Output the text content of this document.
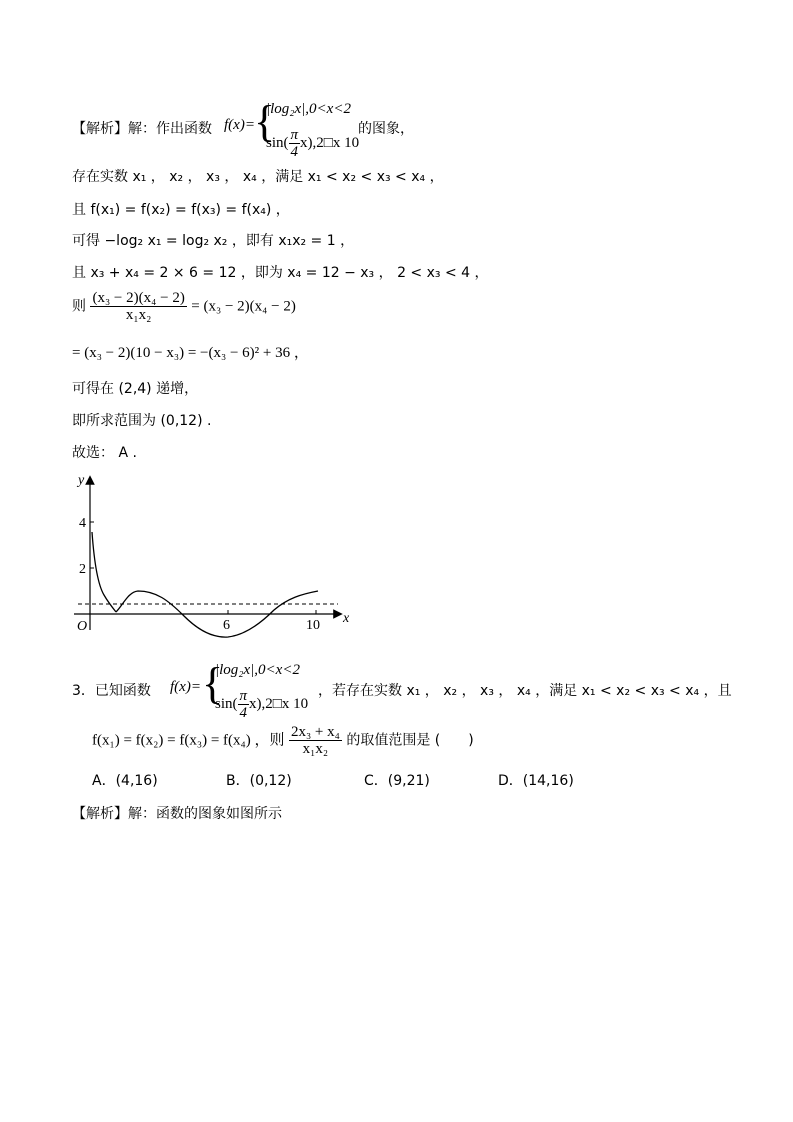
【解析】解：作出函数 f(x)= {
|log₂x|,0<x<2
$\sin( \frac{\pi}{4}$ x),2□x 10
的图象，
存在实数 x₁ ， x₂ ， x₃ ， x₄ ，满足 x₁ < x₂ < x₃ < x₄ ，
且 f(x₁) = f(x₂) = f(x₃) = f(x₄) ，
可得 −log₂ x₁ = log₂ x₂ ，即有 x₁x₂ = 1 ，
且 x₃ + x₄ = 2 × 6 = 12 ，即为 x₄ = 12 − x₃ ， 2 < x₃ < 4 ，
则 $\frac{\text{(x₃ − 2)(x₄ − 2)}}{\text{x₁x₂}} = (x_3 - 2)(x_4 - 2)$
= (x₃ − 2)(10 − x₃) = −(x₃ − 6)² + 36 ，
可得在 (2,4) 递增，
即所求范围为 (0,12) .
故选： A .
y
x
O
4
2
6	10
3．已知函数 f(x)= {
|log₂x|,0<x<2
$\sin( \frac{\pi}{4}$ x),2□x 10
，若存在实数 x₁ ， x₂ ， x₃ ， x₄ ，满足 x₁ < x₂ < x₃ < x₄ ，且
f(x₁) = f(x₂) = f(x₃) = f(x₄) ，则 $\frac{\text{2x₃ + x₄}}{\text{x₁x₂}}$ 的取值范围是 (　　)
A．(4,16)	B．(0,12)	C．(9,21)	D．(14,16)
【解析】解：函数的图象如图所示
